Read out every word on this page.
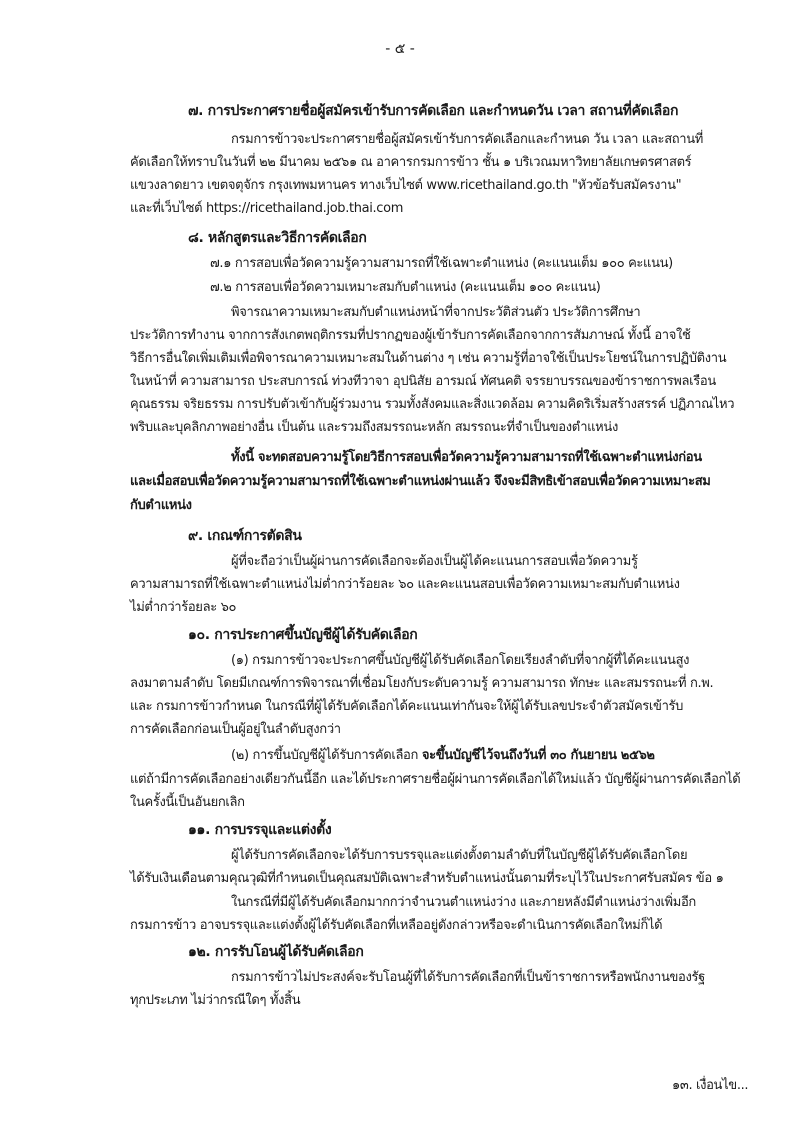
- ๕ -
๗. การประกาศรายชื่อผู้สมัครเข้ารับการคัดเลือก และกำหนดวัน เวลา สถานที่คัดเลือก
กรมการข้าวจะประกาศรายชื่อผู้สมัครเข้ารับการคัดเลือกและกำหนด วัน เวลา และสถานที่
คัดเลือกให้ทราบในวันที่ ๒๒ มีนาคม ๒๕๖๑ ณ อาคารกรมการข้าว ชั้น ๑ บริเวณมหาวิทยาลัยเกษตรศาสตร์
แขวงลาดยาว เขตจตุจักร กรุงเทพมหานคร ทางเว็บไซต์ www.ricethailand.go.th "หัวข้อรับสมัครงาน"
และที่เว็บไซต์ https://ricethailand.job.thai.com
๘. หลักสูตรและวิธีการคัดเลือก
๗.๑ การสอบเพื่อวัดความรู้ความสามารถที่ใช้เฉพาะตำแหน่ง (คะแนนเต็ม ๑๐๐ คะแนน)
๗.๒ การสอบเพื่อวัดความเหมาะสมกับตำแหน่ง (คะแนนเต็ม ๑๐๐ คะแนน)
พิจารณาความเหมาะสมกับตำแหน่งหน้าที่จากประวัติส่วนตัว ประวัติการศึกษา
ประวัติการทำงาน จากการสังเกตพฤติกรรมที่ปรากฏของผู้เข้ารับการคัดเลือกจากการสัมภาษณ์ ทั้งนี้ อาจใช้
วิธีการอื่นใดเพิ่มเติมเพื่อพิจารณาความเหมาะสมในด้านต่าง ๆ เช่น ความรู้ที่อาจใช้เป็นประโยชน์ในการปฏิบัติงาน
ในหน้าที่ ความสามารถ ประสบการณ์ ท่วงทีวาจา อุปนิสัย อารมณ์ ทัศนคติ จรรยาบรรณของข้าราชการพลเรือน
คุณธรรม จริยธรรม การปรับตัวเข้ากับผู้ร่วมงาน รวมทั้งสังคมและสิ่งแวดล้อม ความคิดริเริ่มสร้างสรรค์ ปฏิภาณไหว
พริบและบุคลิกภาพอย่างอื่น เป็นต้น และรวมถึงสมรรถนะหลัก สมรรถนะที่จำเป็นของตำแหน่ง
ทั้งนี้ จะทดสอบความรู้โดยวิธีการสอบเพื่อวัดความรู้ความสามารถที่ใช้เฉพาะตำแหน่งก่อน
และเมื่อสอบเพื่อวัดความรู้ความสามารถที่ใช้เฉพาะตำแหน่งผ่านแล้ว จึงจะมีสิทธิเข้าสอบเพื่อวัดความเหมาะสม
กับตำแหน่ง
๙. เกณฑ์การตัดสิน
ผู้ที่จะถือว่าเป็นผู้ผ่านการคัดเลือกจะต้องเป็นผู้ได้คะแนนการสอบเพื่อวัดความรู้
ความสามารถที่ใช้เฉพาะตำแหน่งไม่ต่ำกว่าร้อยละ ๖๐ และคะแนนสอบเพื่อวัดความเหมาะสมกับตำแหน่ง
ไม่ต่ำกว่าร้อยละ ๖๐
๑๐. การประกาศขึ้นบัญชีผู้ได้รับคัดเลือก
(๑) กรมการข้าวจะประกาศขึ้นบัญชีผู้ได้รับคัดเลือกโดยเรียงลำดับที่จากผู้ที่ได้คะแนนสูง
ลงมาตามลำดับ โดยมีเกณฑ์การพิจารณาที่เชื่อมโยงกับระดับความรู้ ความสามารถ ทักษะ และสมรรถนะที่ ก.พ.
และ กรมการข้าวกำหนด ในกรณีที่ผู้ได้รับคัดเลือกได้คะแนนเท่ากันจะให้ผู้ได้รับเลขประจำตัวสมัครเข้ารับ
การคัดเลือกก่อนเป็นผู้อยู่ในลำดับสูงกว่า
(๒) การขึ้นบัญชีผู้ได้รับการคัดเลือก จะขึ้นบัญชีไว้จนถึงวันที่ ๓๐ กันยายน ๒๕๖๒
แต่ถ้ามีการคัดเลือกอย่างเดียวกันนี้อีก และได้ประกาศรายชื่อผู้ผ่านการคัดเลือกได้ใหม่แล้ว บัญชีผู้ผ่านการคัดเลือกได้
ในครั้งนี้เป็นอันยกเลิก
๑๑. การบรรจุและแต่งตั้ง
ผู้ได้รับการคัดเลือกจะได้รับการบรรจุและแต่งตั้งตามลำดับที่ในบัญชีผู้ได้รับคัดเลือกโดย
ได้รับเงินเดือนตามคุณวุฒิที่กำหนดเป็นคุณสมบัติเฉพาะสำหรับตำแหน่งนั้นตามที่ระบุไว้ในประกาศรับสมัคร ข้อ ๑
ในกรณีที่มีผู้ได้รับคัดเลือกมากกว่าจำนวนตำแหน่งว่าง และภายหลังมีตำแหน่งว่างเพิ่มอีก
กรมการข้าว อาจบรรจุและแต่งตั้งผู้ได้รับคัดเลือกที่เหลืออยู่ดังกล่าวหรือจะดำเนินการคัดเลือกใหม่ก็ได้
๑๒. การรับโอนผู้ได้รับคัดเลือก
กรมการข้าวไม่ประสงค์จะรับโอนผู้ที่ได้รับการคัดเลือกที่เป็นข้าราชการหรือพนักงานของรัฐ
ทุกประเภท ไม่ว่ากรณีใดๆ ทั้งสิ้น
๑๓. เงื่อนไข...
